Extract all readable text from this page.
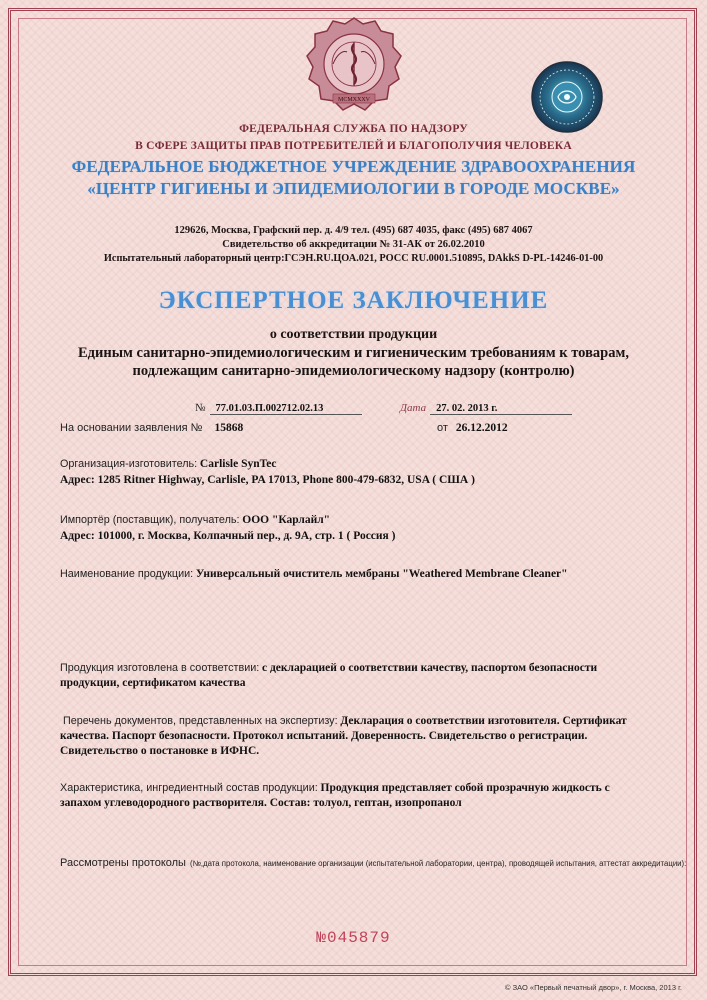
MCMXXXV
ФЕДЕРАЛЬНАЯ СЛУЖБА ПО НАДЗОРУ
В СФЕРЕ ЗАЩИТЫ ПРАВ ПОТРЕБИТЕЛЕЙ И БЛАГОПОЛУЧИЯ ЧЕЛОВЕКА
ФЕДЕРАЛЬНОЕ БЮДЖЕТНОЕ УЧРЕЖДЕНИЕ ЗДРАВООХРАНЕНИЯ
«ЦЕНТР ГИГИЕНЫ И ЭПИДЕМИОЛОГИИ В ГОРОДЕ МОСКВЕ»
129626, Москва, Графский пер. д. 4/9 тел. (495) 687 4035, факс (495) 687 4067
Свидетельство об аккредитации № 31-АК от 26.02.2010
Испытательный лабораторный центр:ГСЭН.RU.ЦОА.021, РОСС RU.0001.510895, DAkkS D-PL-14246-01-00
ЭКСПЕРТНОЕ ЗАКЛЮЧЕНИЕ
о соответствии продукции
Единым санитарно-эпидемиологическим и гигиеническим требованиям к товарам,
подлежащим санитарно-эпидемиологическому надзору (контролю)
№ 77.01.03.П.002712.02.13	Дата 27. 02. 2013 г.
На основании заявления № 15868	от 26.12.2012
Организация-изготовитель: Carlisle SynTec
Адрес: 1285 Ritner Highway, Carlisle, PA 17013, Phone 800-479-6832, USA ( США )
Импортёр (поставщик), получатель: ООО "Карлайл"
Адрес: 101000, г. Москва, Колпачный пер., д. 9А, стр. 1 ( Россия )
Наименование продукции: Универсальный очиститель мембраны "Weathered Membrane Cleaner"
Продукция изготовлена в соответствии: с декларацией о соответствии качеству, паспортом безопасности
продукции, сертификатом качества
Перечень документов, представленных на экспертизу: Декларация о соответствии изготовителя. Сертификат
качества. Паспорт безопасности. Протокол испытаний. Доверенность. Свидетельство о регистрации.
Свидетельство о постановке в ИФНС.
Характеристика, ингредиентный состав продукции: Продукция представляет собой прозрачную жидкость с
запахом углеводородного растворителя. Состав: толуол, гептан, изопропанол
Рассмотрены протоколы (№,дата протокола, наименование организации (испытательной лаборатории, центра), проводящей испытания, аттестат аккредитации):
№045879
© ЗАО «Первый печатный двор», г. Москва, 2013 г.
